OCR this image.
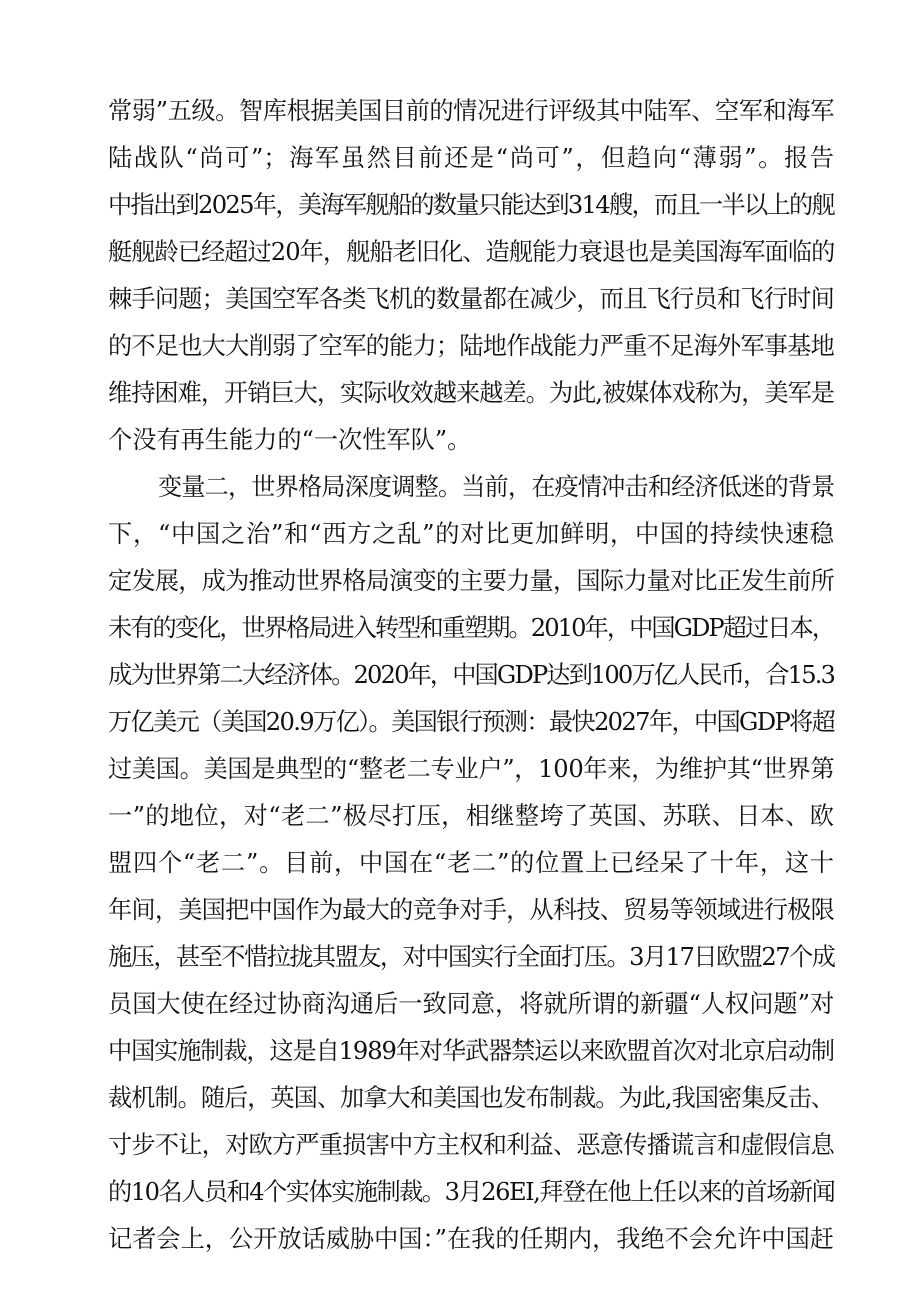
常弱”五级。智库根据美国目前的情况进行评级其中陆军、空军和海军
陆战队“尚可”；海军虽然目前还是“尚可”，但趋向“薄弱”。报告
中指出到2025年，美海军舰船的数量只能达到314艘，而且一半以上的舰
艇舰龄已经超过20年，舰船老旧化、造舰能力衰退也是美国海军面临的
棘手问题；美国空军各类飞机的数量都在减少，而且飞行员和飞行时间
的不足也大大削弱了空军的能力；陆地作战能力严重不足海外军事基地
维持困难，开销巨大，实际收效越来越差。为此,被媒体戏称为，美军是
个没有再生能力的“一次性军队”。
变量二，世界格局深度调整。当前，在疫情冲击和经济低迷的背景
下，“中国之治”和“西方之乱”的对比更加鲜明，中国的持续快速稳
定发展，成为推动世界格局演变的主要力量，国际力量对比正发生前所
未有的变化，世界格局进入转型和重塑期。2010年，中国GDP超过日本，
成为世界第二大经济体。2020年，中国GDP达到100万亿人民币，合15.3
万亿美元（美国20.9万亿）。美国银行预测：最快2027年，中国GDP将超
过美国。美国是典型的“整老二专业户”，100年来，为维护其“世界第
一”的地位，对“老二”极尽打压，相继整垮了英国、苏联、日本、欧
盟四个“老二”。目前，中国在“老二”的位置上已经呆了十年，这十
年间，美国把中国作为最大的竞争对手，从科技、贸易等领域进行极限
施压，甚至不惜拉拢其盟友，对中国实行全面打压。3月17日欧盟27个成
员国大使在经过协商沟通后一致同意，将就所谓的新疆“人权问题”对
中国实施制裁，这是自1989年对华武器禁运以来欧盟首次对北京启动制
裁机制。随后，英国、加拿大和美国也发布制裁。为此,我国密集反击、
寸步不让，对欧方严重损害中方主权和利益、恶意传播谎言和虚假信息
的10名人员和4个实体实施制裁。3月26EI,拜登在他上任以来的首场新闻
记者会上，公开放话威胁中国：”在我的任期内，我绝不会允许中国赶
